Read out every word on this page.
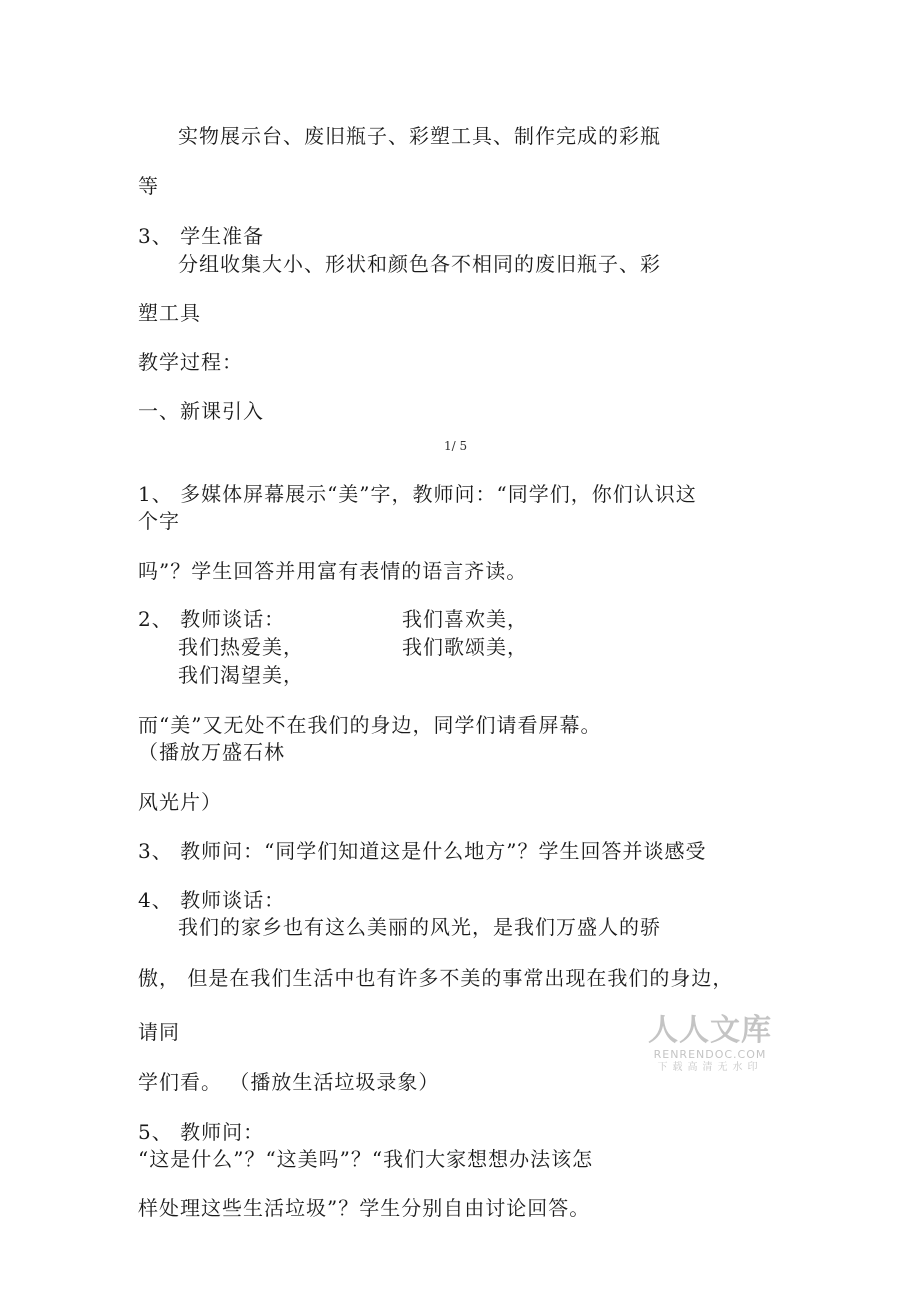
实物展示台、废旧瓶子、彩塑工具、制作完成的彩瓶
等
3、 学生准备
分组收集大小、形状和颜色各不相同的废旧瓶子、彩
塑工具
教学过程：
一、新课引入
1/ 5
1、 多媒体屏幕展示“美”字，教师问：“同学们，你们认识这
个字
吗”？学生回答并用富有表情的语言齐读。
2、 教师谈话：	我们喜欢美，
我们热爱美，	我们歌颂美，
我们渴望美，
而“美”又无处不在我们的身边，同学们请看屏幕。
（播放万盛石林
风光片）
3、 教师问：“同学们知道这是什么地方”？学生回答并谈感受
4、 教师谈话：
我们的家乡也有这么美丽的风光，是我们万盛人的骄
傲， 但是在我们生活中也有许多不美的事常出现在我们的身边，
请同
学们看。 （播放生活垃圾录象）
5、 教师问：
“这是什么”？“这美吗”？“我们大家想想办法该怎
样处理这些生活垃圾”？学生分别自由讨论回答。
人人文库
RENRENDOC.COM
下载高清无水印
